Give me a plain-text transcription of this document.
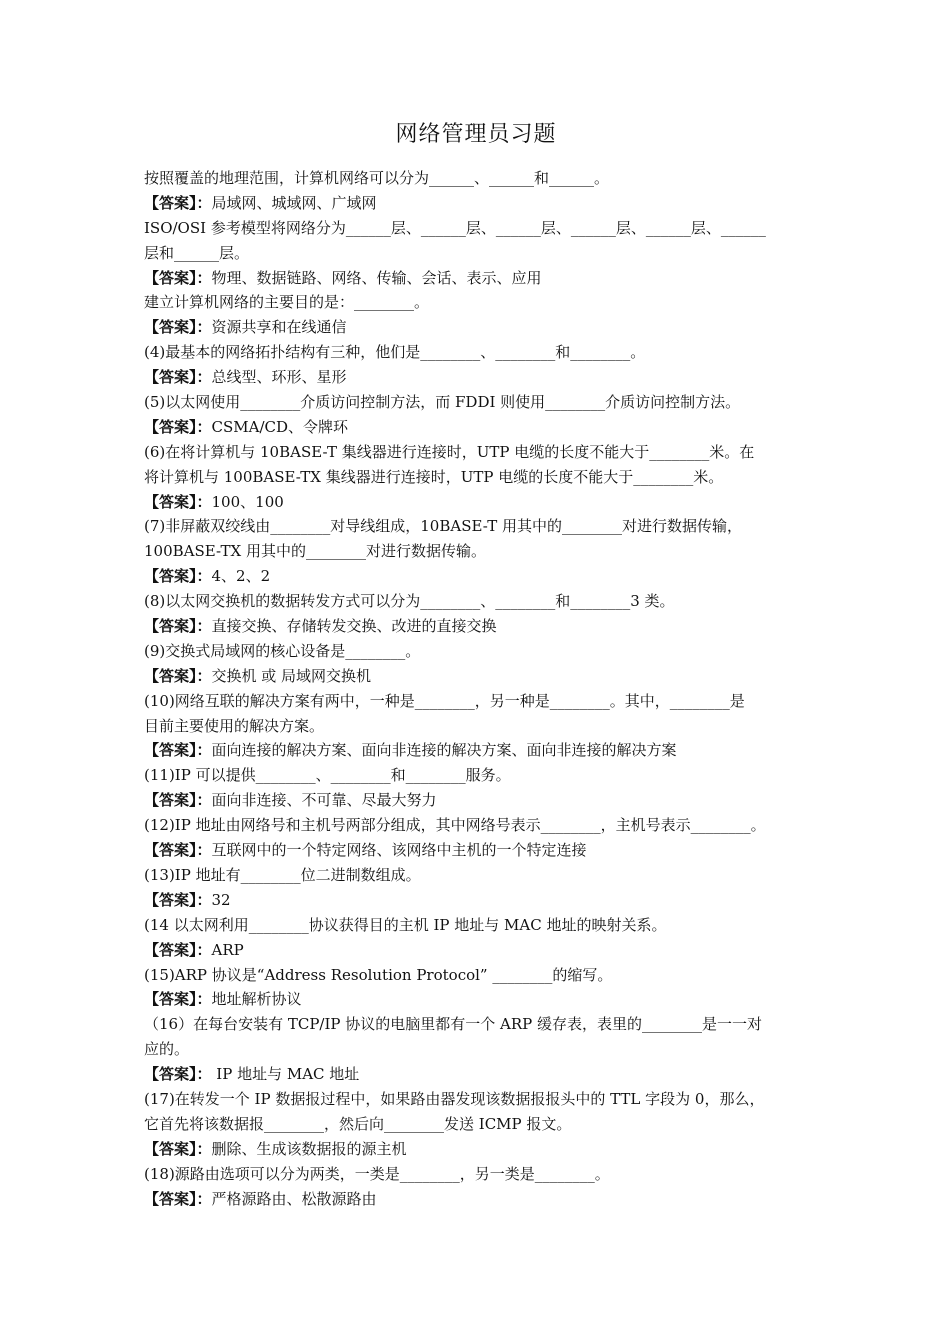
网络管理员习题
按照覆盖的地理范围，计算机网络可以分为______、______和______。
【答案】：局域网、城域网、广域网
ISO/OSI 参考模型将网络分为______层、______层、______层、______层、______层、______
层和______层。
【答案】：物理、数据链路、网络、传输、会话、表示、应用
建立计算机网络的主要目的是：________。
【答案】：资源共享和在线通信
(4)最基本的网络拓扑结构有三种，他们是________、________和________。
【答案】：总线型、环形、星形
(5)以太网使用________介质访问控制方法，而 FDDI 则使用________介质访问控制方法。
【答案】：CSMA/CD、令牌环
(6)在将计算机与 10BASE-T 集线器进行连接时，UTP 电缆的长度不能大于________米。在
将计算机与 100BASE-TX 集线器进行连接时，UTP 电缆的长度不能大于________米。
【答案】：100、100
(7)非屏蔽双绞线由________对导线组成，10BASE-T 用其中的________对进行数据传输，
100BASE-TX 用其中的________对进行数据传输。
【答案】：4、2、2
(8)以太网交换机的数据转发方式可以分为________、________和________3 类。
【答案】：直接交换、存储转发交换、改进的直接交换
(9)交换式局域网的核心设备是________。
【答案】：交换机 或 局域网交换机
(10)网络互联的解决方案有两中，一种是________，另一种是________。其中，________是
目前主要使用的解决方案。
【答案】：面向连接的解决方案、面向非连接的解决方案、面向非连接的解决方案
(11)IP 可以提供________、________和________服务。
【答案】：面向非连接、不可靠、尽最大努力
(12)IP 地址由网络号和主机号两部分组成，其中网络号表示________，主机号表示________。
【答案】：互联网中的一个特定网络、该网络中主机的一个特定连接
(13)IP 地址有________位二进制数组成。
【答案】：32
(14 以太网利用________协议获得目的主机 IP 地址与 MAC 地址的映射关系。
【答案】：ARP
(15)ARP 协议是“Address Resolution Protocol” ________的缩写。
【答案】：地址解析协议
（16）在每台安装有 TCP/IP 协议的电脑里都有一个 ARP 缓存表，表里的________是一一对
应的。
【答案】： IP 地址与 MAC 地址
(17)在转发一个 IP 数据报过程中，如果路由器发现该数据报报头中的 TTL 字段为 0，那么，
它首先将该数据报________，然后向________发送 ICMP 报文。
【答案】：删除、生成该数据报的源主机
(18)源路由选项可以分为两类，一类是________，另一类是________。
【答案】：严格源路由、松散源路由
